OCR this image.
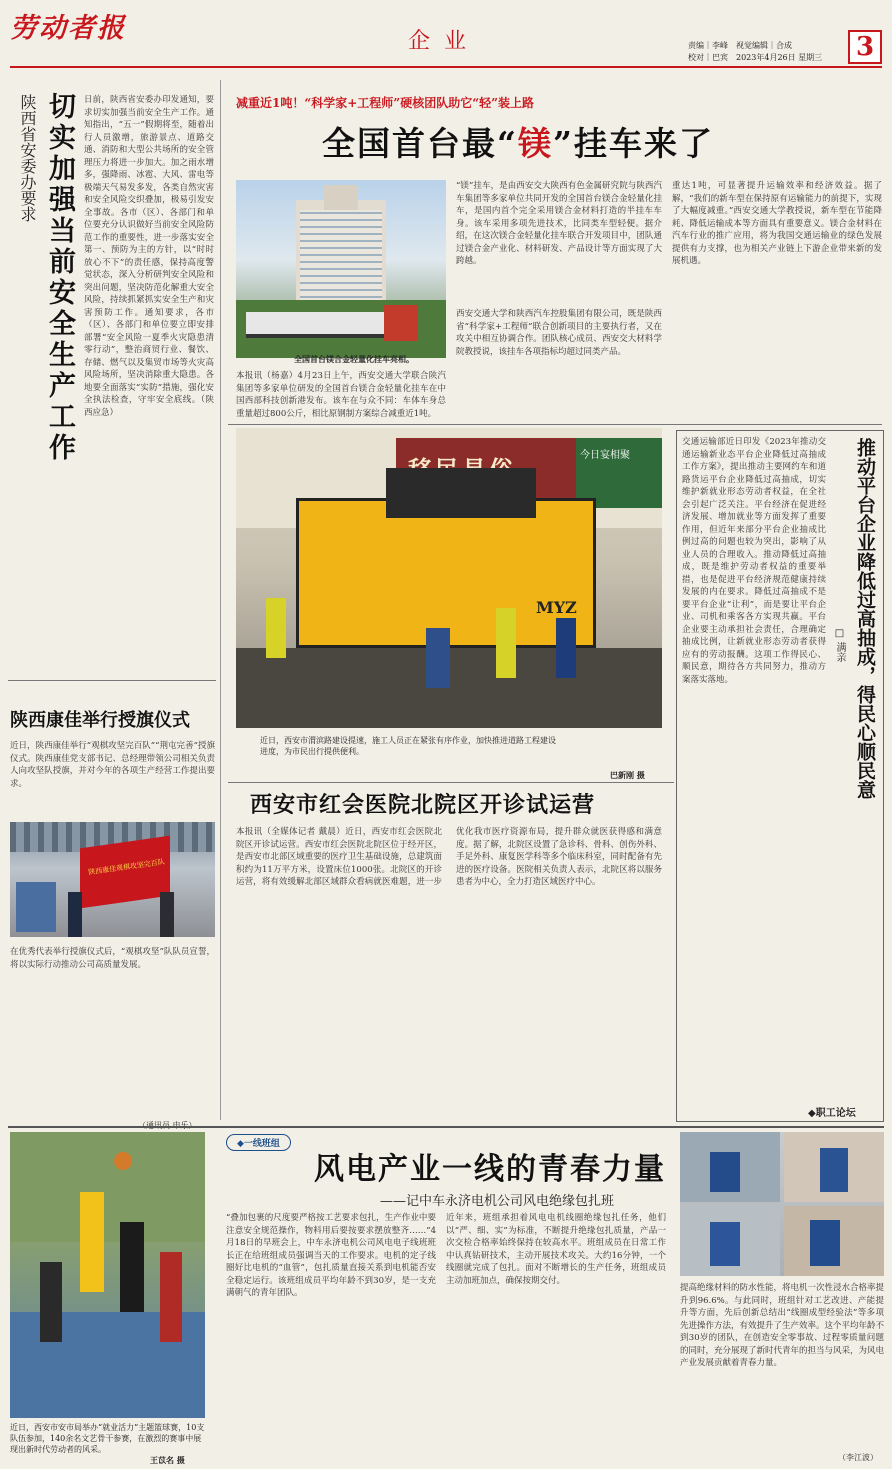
劳动者报	企业	责编｜李峰　 视觉编辑｜合成
校对｜巴宾　 2023年4月26日 星期三	3
切实加强当前安全生产工作
陕西省安委办要求	日前，陕西省安委办印发通知，要求切实加强当前安全生产工作。通知指出，“五一”假期将至，随着出行人员激增，旅游景点、道路交通、消防和大型公共场所的安全管理压力将进一步加大。加之雨水增多，强降雨、冰雹、大风、雷电等极端天气易发多发，各类自然灾害和安全风险交织叠加，极易引发安全事故。各市（区）、各部门和单位要充分认识做好当前安全风险防范工作的重要性，进一步落实安全第一、预防为主的方针，以“时时放心不下”的责任感，保持高度警觉状态，深入分析研判安全风险和突出问题，坚决防范化解重大安全风险，持续抓紧抓实安全生产和灾害预防工作。通知要求，各市（区）、各部门和单位要立即安排部署“安全风险一夏季火灾隐患清零行动”，整治商贸行业、餐饮、存储、燃气以及集贸市场等火灾高风险场所，坚决消除重大隐患。各地要全面落实“实防”措施，强化安全执法检查，守牢安全底线。（陕西应急）
陕西康佳举行授旗仪式
近日，陕西康佳举行“观棋攻坚完百队”“荆屯完善”授旗仪式。陕西康佳党支部书记、总经理带领公司相关负责人向攻坚队授旗，并对今年的各项生产经营工作提出要求。
陕西康佳观棋攻坚完百队
在优秀代表举行授旗仪式后，“观棋攻坚”队队员宣誓，将以实际行动推动公司高质量发展。
减重近1吨！“科学家+工程师”硬核团队助它“轻”装上路
全国首台最“镁”挂车来了
全国首台镁合金轻量化挂车亮相。
本报讯（杨嘉）4月23日上午，西安交通大学联合陕汽集团等多家单位研发的全国首台镁合金轻量化挂车在中国西部科技创新港发布。该车在与众不同：车体车身总重量超过800公斤，相比原钢制方案综合减重近1吨。
“镁”挂车，是由西安交大陕西有色金属研究院与陕西汽车集团等多家单位共同开发的全国首台镁合金轻量化挂车，是国内首个完全采用镁合金材料打造的半挂车车身。该车采用多项先进技术，比同类车型轻便。据介绍，在这次镁合金轻量化挂车联合开发项目中，团队通过镁合金产业化、材料研发、产品设计等方面实现了大跨越。
西安交通大学和陕西汽车控股集团有限公司，既是陕西省“科学家+工程师”联合创新项目的主要执行者，又在攻关中相互协调合作。团队核心成员、西安交大材料学院教授说，该挂车各项指标均超过同类产品。
重达1吨，可显著提升运输效率和经济效益。据了解，“我们的新车型在保持原有运输能力的前提下，实现了大幅度减重。”西安交通大学教授说，新车型在节能降耗、降低运输成本等方面具有重要意义。镁合金材料在汽车行业的推广应用，将为我国交通运输业的绿色发展提供有力支撑，也为相关产业链上下游企业带来新的发展机遇。
今日宴相聚
MYZ
近日，西安市渭滨路建设提速，施工人员正在紧张有序作业，加快推进道路工程建设进度，为市民出行提供便利。
巴新刚 摄
西安市红会医院北院区开诊试运营
本报讯（全媒体记者 戴晨）近日，西安市红会医院北院区开诊试运营。西安市红会医院北院区位于经开区，是西安市北部区域重要的医疗卫生基础设施，总建筑面积约为11万平方米，设置床位1000张。北院区的开诊运营，将有效缓解北部区域群众看病就医难题，进一步优化我市医疗资源布局，提升群众就医获得感和满意度。据了解，北院区设置了急诊科、骨科、创伤外科、手足外科、康复医学科等多个临床科室，同时配备有先进的医疗设备。医院相关负责人表示，北院区将以服务患者为中心，全力打造区域医疗中心。
推动平台企业降低过高抽成，得民心顺民意
□ 满亲
交通运输部近日印发《2023年推动交通运输新业态平台企业降低过高抽成工作方案》，提出推动主要网约车和道路货运平台企业降低过高抽成，切实维护新就业形态劳动者权益，在全社会引起广泛关注。平台经济在促进经济发展、增加就业等方面发挥了重要作用，但近年来部分平台企业抽成比例过高的问题也较为突出，影响了从业人员的合理收入。推动降低过高抽成，既是维护劳动者权益的重要举措，也是促进平台经济规范健康持续发展的内在要求。降低过高抽成不是要平台企业“让利”，而是要让平台企业、司机和乘客各方实现共赢。平台企业要主动承担社会责任，合理确定抽成比例，让新就业形态劳动者获得应有的劳动报酬。这项工作得民心、顺民意，期待各方共同努力，推动方案落实落地。
◆职工论坛
近日，西安市安市局举办“就业活力”主题篮球赛，10支队伍参加，140余名文艺骨干参赛，在激烈的赛事中展现出新时代劳动者的风采。
王苡名 摄
◆一线班组
风电产业一线的青春力量
——记中车永济电机公司风电绝缘包扎班
“叠加包裹的尺度要严格按工艺要求包扎，生产作业中要注意安全规范操作，物料用后要按要求摆放整齐……”4月18日的早班会上，中车永济电机公司风电电子线班班长正在给班组成员强调当天的工作要求。电机的定子线圈好比电机的“血管”，包扎质量直接关系到电机能否安全稳定运行。该班组成员平均年龄不到30岁，是一支充满朝气的青年团队。
近年来，班组承担着风电电机线圈绝缘包扎任务，他们以“严、细、实”为标准，不断提升绝缘包扎质量，产品一次交检合格率始终保持在较高水平。班组成员在日常工作中认真钻研技术，主动开展技术攻关。大约16分钟，一个线圈就完成了包扎。面对不断增长的生产任务，班组成员主动加班加点，确保按期交付。
提高绝缘材料的防水性能，将电机一次性浸水合格率提升到96.6%。与此同时，班组针对工艺改进、产能提升等方面，先后创新总结出“线圈成型经验法”等多项先进操作方法，有效提升了生产效率。这个平均年龄不到30岁的团队，在创造安全零事故、过程零质量问题的同时，充分展现了新时代青年的担当与风采，为风电产业发展贡献着青春力量。
（李江波）
